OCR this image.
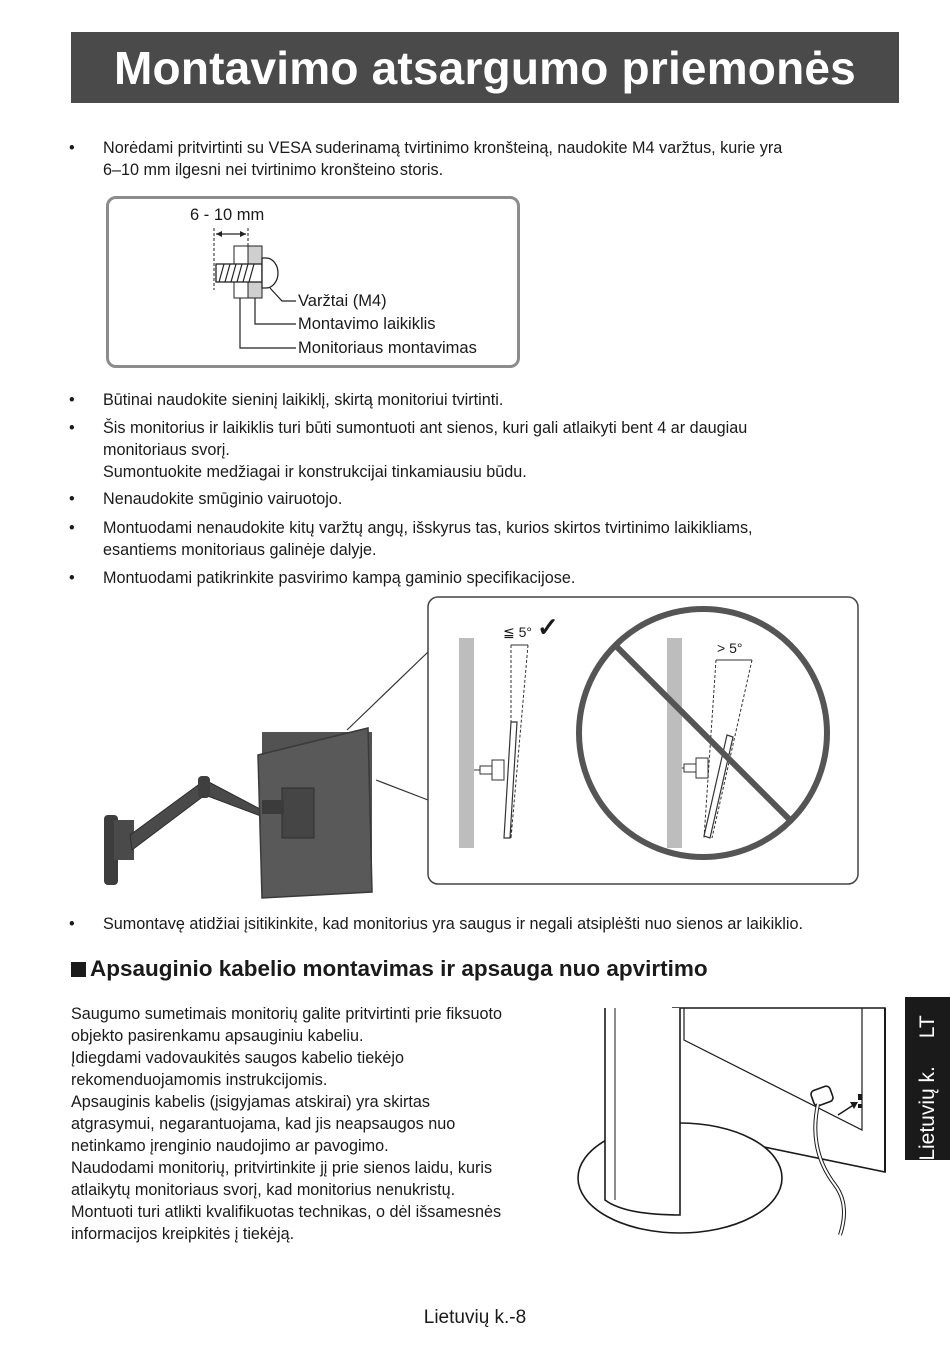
Montavimo atsargumo priemonės
• Norėdami pritvirtinti su VESA suderinamą tvirtinimo kronšteiną, naudokite M4 varžtus, kurie yra
6–10 mm ilgesni nei tvirtinimo kronšteino storis.
6 - 10 mm
Varžtai (M4)
Montavimo laikiklis
Monitoriaus montavimas
• Būtinai naudokite sieninį laikiklį, skirtą monitoriui tvirtinti.
• Šis monitorius ir laikiklis turi būti sumontuoti ant sienos, kuri gali atlaikyti bent 4 ar daugiau
monitoriaus svorį.
Sumontuokite medžiagai ir konstrukcijai tinkamiausiu būdu.
• Nenaudokite smūginio vairuotojo.
• Montuodami nenaudokite kitų varžtų angų, išskyrus tas, kurios skirtos tvirtinimo laikikliams,
esantiems monitoriaus galinėje dalyje.
• Montuodami patikrinkite pasvirimo kampą gaminio specifikacijose.
≦ 5° ✓
> 5°
• Sumontavę atidžiai įsitikinkite, kad monitorius yra saugus ir negali atsiplėšti nuo sienos ar laikiklio.
Apsauginio kabelio montavimas ir apsauga nuo apvirtimo
Saugumo sumetimais monitorių galite pritvirtinti prie fiksuoto
objekto pasirenkamu apsauginiu kabeliu.
Įdiegdami vadovaukitės saugos kabelio tiekėjo
rekomenduojamomis instrukcijomis.
Apsauginis kabelis (įsigyjamas atskirai) yra skirtas
atgrasymui, negarantuojama, kad jis neapsaugos nuo
netinkamo įrenginio naudojimo ar pavogimo.
Naudodami monitorių, pritvirtinkite jį prie sienos laidu, kuris
atlaikytų monitoriaus svorį, kad monitorius nenukristų.
Montuoti turi atlikti kvalifikuotas technikas, o dėl išsamesnės
informacijos kreipkitės į tiekėją.
Lietuvių k. LT
Lietuvių k.-8
